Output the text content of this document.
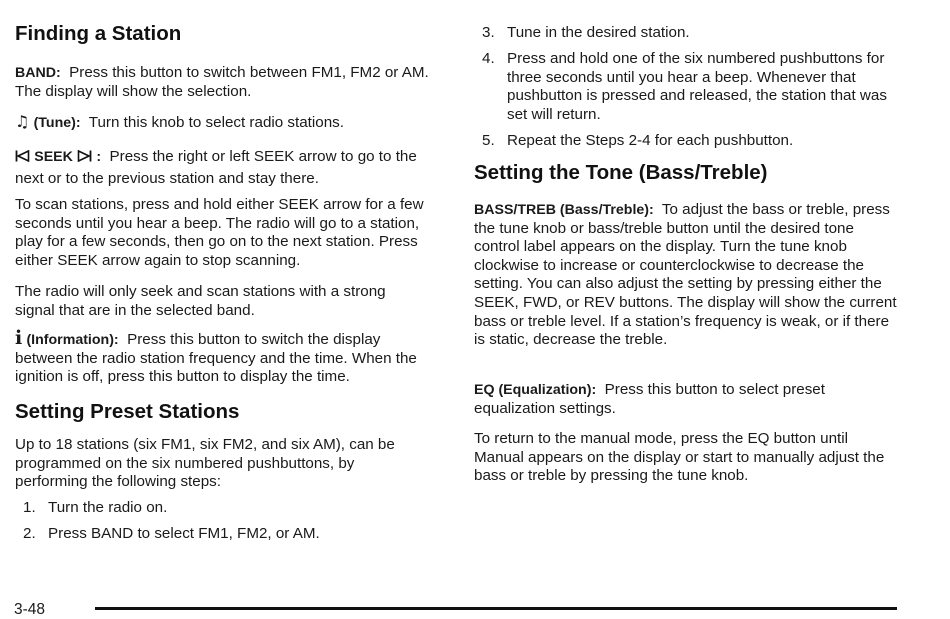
Finding a Station

BAND: Press this button to switch between FM1, FM2 or AM. The display will show the selection.

♫ (Tune): Turn this knob to select radio stations.

SEEK : Press the right or left SEEK arrow to go to the next or to the previous station and stay there.

To scan stations, press and hold either SEEK arrow for a few seconds until you hear a beep. The radio will go to a station, play for a few seconds, then go on to the next station. Press either SEEK arrow again to stop scanning.

The radio will only seek and scan stations with a strong signal that are in the selected band.

i (Information): Press this button to switch the display between the radio station frequency and the time. When the ignition is off, press this button to display the time.

Setting Preset Stations

Up to 18 stations (six FM1, six FM2, and six AM), can be programmed on the six numbered pushbuttons, by performing the following steps:

1. Turn the radio on.
2. Press BAND to select FM1, FM2, or AM.
3. Tune in the desired station.
4. Press and hold one of the six numbered pushbuttons for three seconds until you hear a beep. Whenever that pushbutton is pressed and released, the station that was set will return.
5. Repeat the Steps 2-4 for each pushbutton.
Setting the Tone (Bass/Treble)

BASS/TREB (Bass/Treble): To adjust the bass or treble, press the tune knob or bass/treble button until the desired tone control label appears on the display. Turn the tune knob clockwise to increase or counterclockwise to decrease the setting. You can also adjust the setting by pressing either the SEEK, FWD, or REV buttons. The display will show the current bass or treble level. If a station’s frequency is weak, or if there is static, decrease the treble.

EQ (Equalization): Press this button to select preset equalization settings.

To return to the manual mode, press the EQ button until Manual appears on the display or start to manually adjust the bass or treble by pressing the tune knob.

3-48
